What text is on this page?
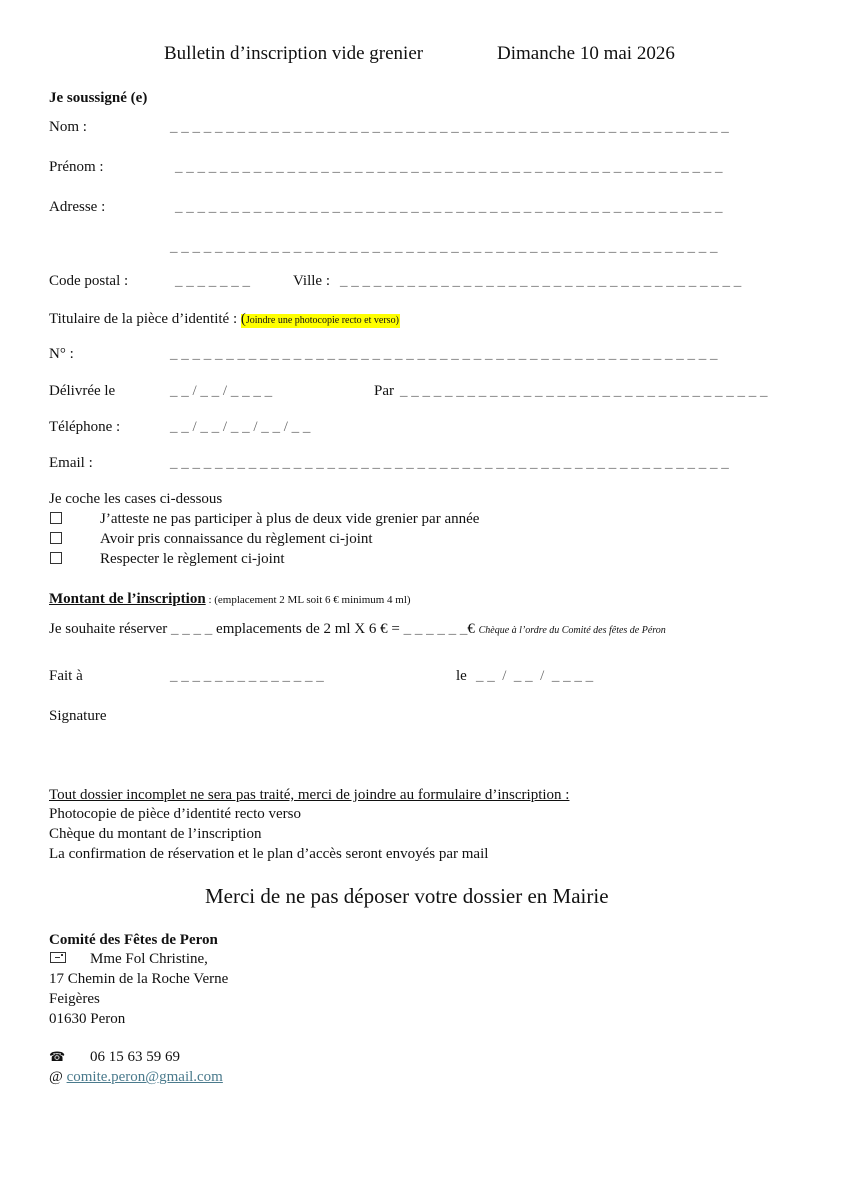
Bulletin d’inscription vide grenier	Dimanche 10 mai 2026
Je soussigné (e)
Nom :	_ _ _ _ _ _ _ _ _ _ _ _ _ _ _ _ _ _ _ _ _ _ _ _ _ _ _ _ _ _ _ _ _ _ _ _ _ _ _ _ _ _ _ _ _ _ _ _ _ _
Prénom :	_ _ _ _ _ _ _ _ _ _ _ _ _ _ _ _ _ _ _ _ _ _ _ _ _ _ _ _ _ _ _ _ _ _ _ _ _ _ _ _ _ _ _ _ _ _ _ _ _
Adresse :	_ _ _ _ _ _ _ _ _ _ _ _ _ _ _ _ _ _ _ _ _ _ _ _ _ _ _ _ _ _ _ _ _ _ _ _ _ _ _ _ _ _ _ _ _ _ _ _ _
_ _ _ _ _ _ _ _ _ _ _ _ _ _ _ _ _ _ _ _ _ _ _ _ _ _ _ _ _ _ _ _ _ _ _ _ _ _ _ _ _ _ _ _ _ _ _ _ _
Code postal :	_ _ _ _ _ _ _	Ville : _ _ _ _ _ _ _ _ _ _ _ _ _ _ _ _ _ _ _ _ _ _ _ _ _ _ _ _ _ _ _ _ _ _ _ _
Titulaire de la pièce d’identité : (Joindre une photocopie recto et verso)
N° :	_ _ _ _ _ _ _ _ _ _ _ _ _ _ _ _ _ _ _ _ _ _ _ _ _ _ _ _ _ _ _ _ _ _ _ _ _ _ _ _ _ _ _ _ _ _ _ _ _
Délivrée le	_ _ / _ _ / _ _ _ _	Par _ _ _ _ _ _ _ _ _ _ _ _ _ _ _ _ _ _ _ _ _ _ _ _ _ _ _ _ _ _ _ _ _
Téléphone :	_ _ / _ _ / _ _ / _ _ / _ _
Email :	_ _ _ _ _ _ _ _ _ _ _ _ _ _ _ _ _ _ _ _ _ _ _ _ _ _ _ _ _ _ _ _ _ _ _ _ _ _ _ _ _ _ _ _ _ _ _ _ _ _
Je coche les cases ci-dessous
J’atteste ne pas participer à plus de deux vide grenier par année
Avoir pris connaissance du règlement ci-joint
Respecter le règlement ci-joint
Montant de l’inscription : (emplacement 2 ML soit 6 € minimum 4 ml)
Je souhaite réserver _ _ _ _ emplacements de 2 ml X 6 € = _ _ _ _ _ _€ Chèque à l’ordre du Comité des fêtes de Péron
Fait à	_ _ _ _ _ _ _ _ _ _ _ _ _ _	le _ _  /  _ _  /  _ _ _ _
Signature
Tout dossier incomplet ne sera pas traité, merci de joindre au formulaire d’inscription :
Photocopie de pièce d’identité recto verso
Chèque du montant de l’inscription
La confirmation de réservation et le plan d’accès seront envoyés par mail
Merci de ne pas déposer votre dossier en Mairie
Comité des Fêtes de Peron
Mme Fol Christine,
17 Chemin de la Roche Verne
Feigères
01630 Peron
☎ 06 15 63 59 69
@ comite.peron@gmail.com
